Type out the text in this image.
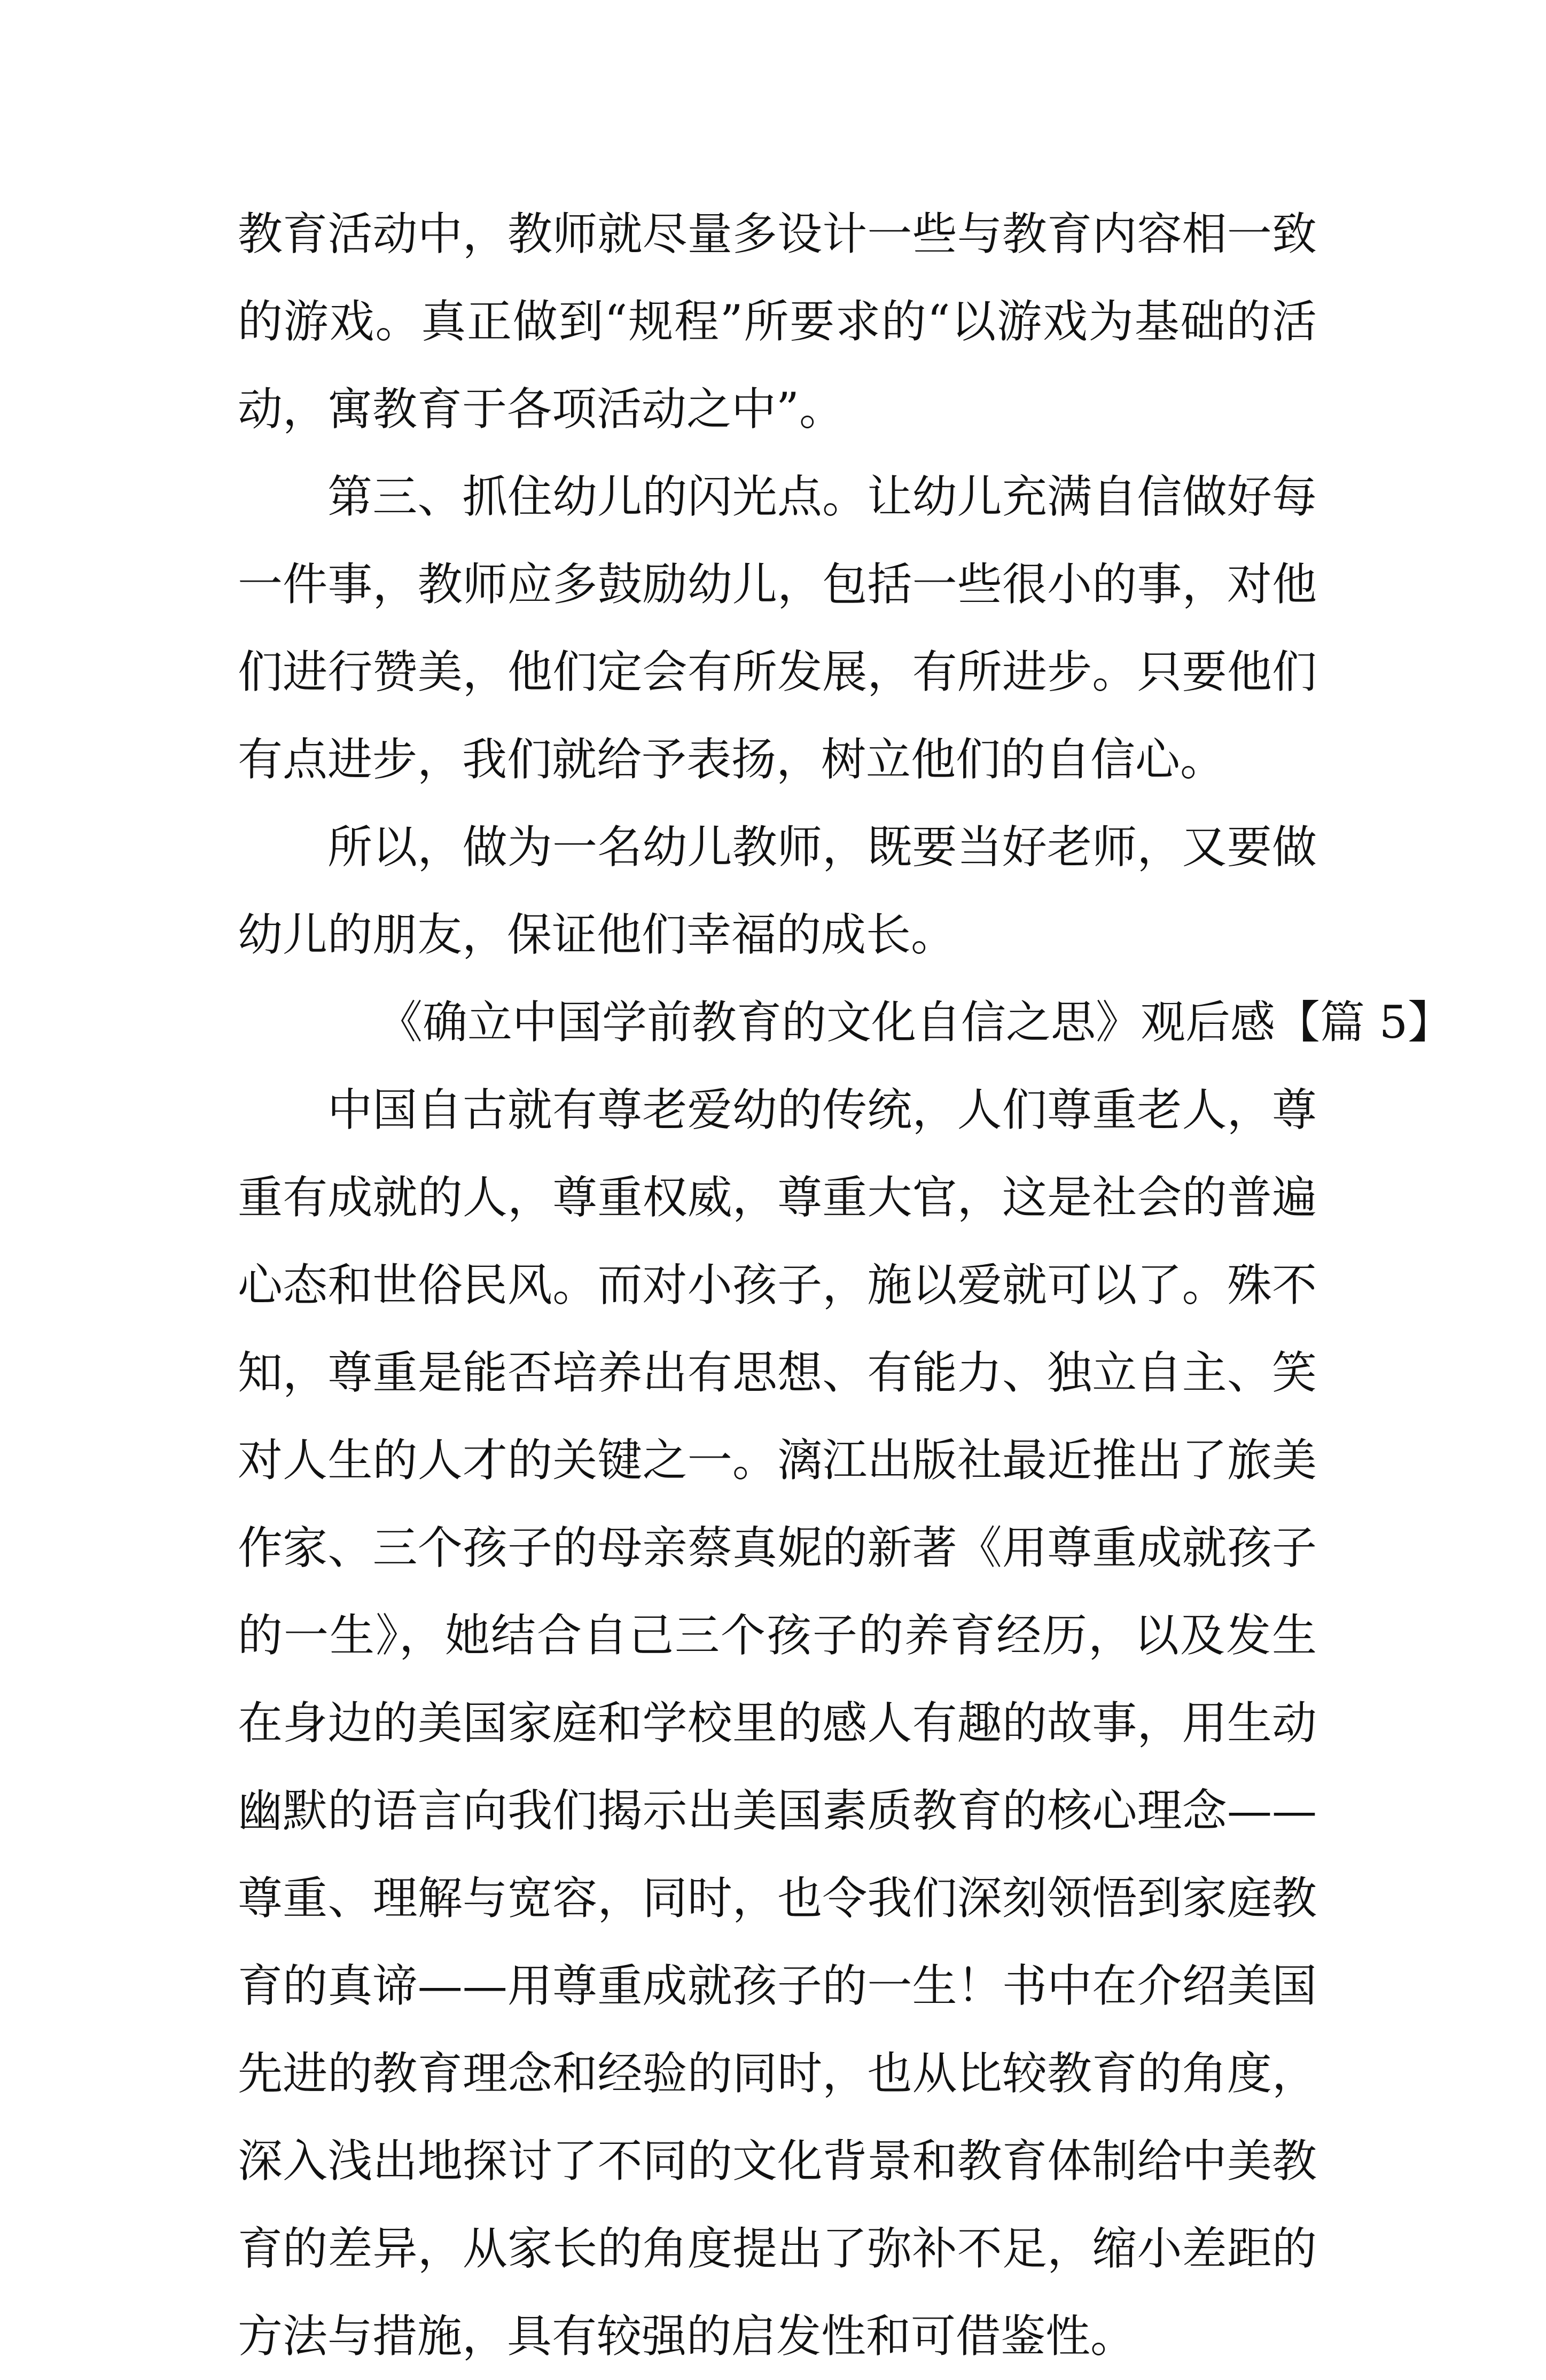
教育活动中，教师就尽量多设计一些与教育内容相一致的游戏。真正做到“规程”所要求的“以游戏为基础的活动，寓教育于各项活动之中”。

第三、抓住幼儿的闪光点。让幼儿充满自信做好每一件事，教师应多鼓励幼儿，包括一些很小的事，对他们进行赞美，他们定会有所发展，有所进步。只要他们有点进步，我们就给予表扬，树立他们的自信心。

所以，做为一名幼儿教师，既要当好老师，又要做幼儿的朋友，保证他们幸福的成长。

《确立中国学前教育的文化自信之思》观后感【篇 5】

中国自古就有尊老爱幼的传统，人们尊重老人，尊重有成就的人，尊重权威，尊重大官，这是社会的普遍心态和世俗民风。而对小孩子，施以爱就可以了。殊不知，尊重是能否培养出有思想、有能力、独立自主、笑对人生的人才的关键之一。漓江出版社最近推出了旅美作家、三个孩子的母亲蔡真妮的新著《用尊重成就孩子的一生》，她结合自己三个孩子的养育经历，以及发生在身边的美国家庭和学校里的感人有趣的故事，用生动幽默的语言向我们揭示出美国素质教育的核心理念——尊重、理解与宽容，同时，也令我们深刻领悟到家庭教育的真谛——用尊重成就孩子的一生！书中在介绍美国先进的教育理念和经验的同时，也从比较教育的角度，深入浅出地探讨了不同的文化背景和教育体制给中美教育的差异，从家长的角度提出了弥补不足，缩小差距的方法与措施，具有较强的启发性和可借鉴性。
